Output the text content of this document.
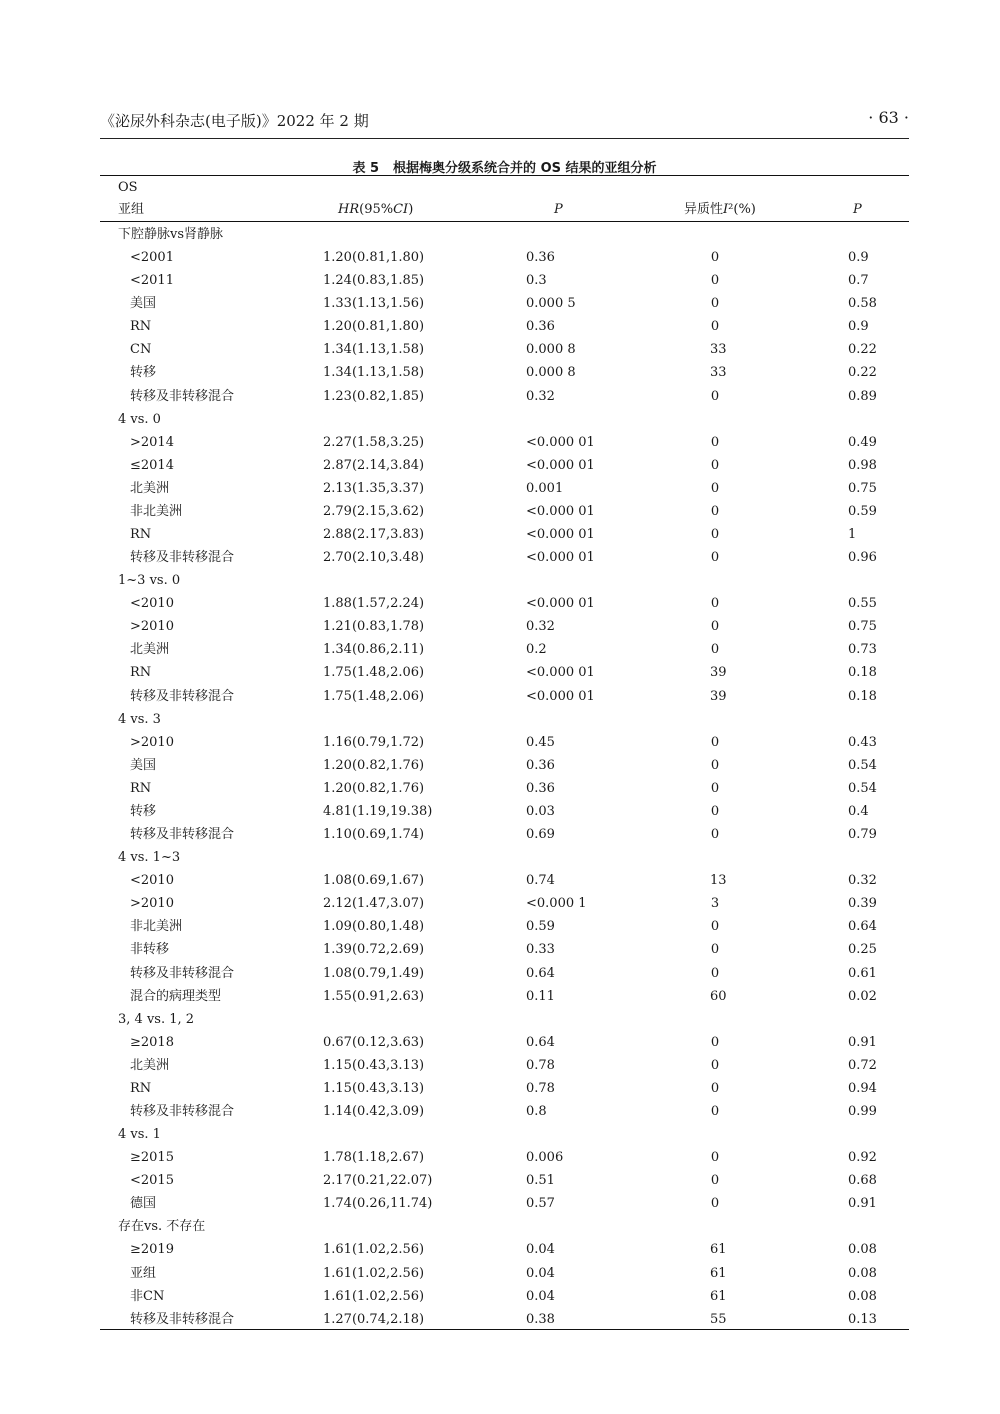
《泌尿外科杂志(电子版)》2022 年 2 期	· 63 ·
表 5 根据梅奥分级系统合并的 OS 结果的亚组分析
OS
亚组	HR(95%CI)	P	异质性I²(%)	P
下腔静脉vs肾静脉
<2001	1.20(0.81,1.80)	0.36	0	0.9
<2011	1.24(0.83,1.85)	0.3	0	0.7
美国	1.33(1.13,1.56)	0.000 5	0	0.58
RN	1.20(0.81,1.80)	0.36	0	0.9
CN	1.34(1.13,1.58)	0.000 8	33	0.22
转移	1.34(1.13,1.58)	0.000 8	33	0.22
转移及非转移混合	1.23(0.82,1.85)	0.32	0	0.89
4 vs. 0
>2014	2.27(1.58,3.25)	<0.000 01	0	0.49
≤2014	2.87(2.14,3.84)	<0.000 01	0	0.98
北美洲	2.13(1.35,3.37)	0.001	0	0.75
非北美洲	2.79(2.15,3.62)	<0.000 01	0	0.59
RN	2.88(2.17,3.83)	<0.000 01	0	1
转移及非转移混合	2.70(2.10,3.48)	<0.000 01	0	0.96
1~3 vs. 0
<2010	1.88(1.57,2.24)	<0.000 01	0	0.55
>2010	1.21(0.83,1.78)	0.32	0	0.75
北美洲	1.34(0.86,2.11)	0.2	0	0.73
RN	1.75(1.48,2.06)	<0.000 01	39	0.18
转移及非转移混合	1.75(1.48,2.06)	<0.000 01	39	0.18
4 vs. 3
>2010	1.16(0.79,1.72)	0.45	0	0.43
美国	1.20(0.82,1.76)	0.36	0	0.54
RN	1.20(0.82,1.76)	0.36	0	0.54
转移	4.81(1.19,19.38)	0.03	0	0.4
转移及非转移混合	1.10(0.69,1.74)	0.69	0	0.79
4 vs. 1~3
<2010	1.08(0.69,1.67)	0.74	13	0.32
>2010	2.12(1.47,3.07)	<0.000 1	3	0.39
非北美洲	1.09(0.80,1.48)	0.59	0	0.64
非转移	1.39(0.72,2.69)	0.33	0	0.25
转移及非转移混合	1.08(0.79,1.49)	0.64	0	0.61
混合的病理类型	1.55(0.91,2.63)	0.11	60	0.02
3, 4 vs. 1, 2
≥2018	0.67(0.12,3.63)	0.64	0	0.91
北美洲	1.15(0.43,3.13)	0.78	0	0.72
RN	1.15(0.43,3.13)	0.78	0	0.94
转移及非转移混合	1.14(0.42,3.09)	0.8	0	0.99
4 vs. 1
≥2015	1.78(1.18,2.67)	0.006	0	0.92
<2015	2.17(0.21,22.07)	0.51	0	0.68
德国	1.74(0.26,11.74)	0.57	0	0.91
存在vs. 不存在
≥2019	1.61(1.02,2.56)	0.04	61	0.08
亚组	1.61(1.02,2.56)	0.04	61	0.08
非CN	1.61(1.02,2.56)	0.04	61	0.08
转移及非转移混合	1.27(0.74,2.18)	0.38	55	0.13
